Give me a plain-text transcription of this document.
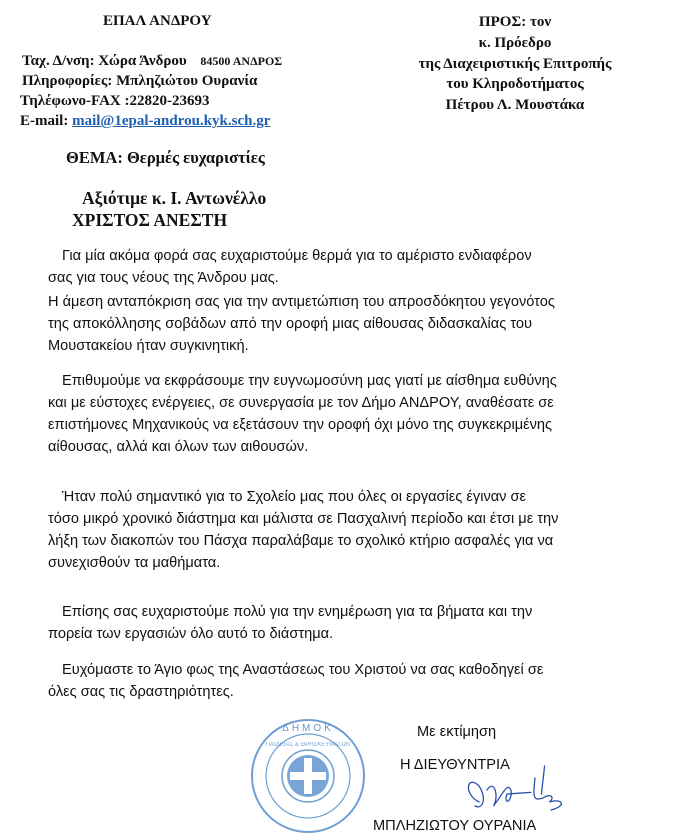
ΕΠΑΛ ΑΝΔΡΟΥ
Ταχ. Δ/νση: Χώρα Άνδρου 84500 ΑΝΔΡΟΣ
Πληροφορίες: Μπληζιώτου Ουρανία
Τηλέφωνο-FAX :22820-23693
E-mail: mail@1epal-androu.kyk.sch.gr
ΠΡΟΣ: τον
κ. Πρόεδρο
της Διαχειριστικής Επιτροπής
του Κληροδοτήματος
Πέτρου Λ. Μουστάκα
ΘΕΜΑ: Θερμές ευχαριστίες
Αξιότιμε κ. Ι. Αντωνέλλο
ΧΡΙΣΤΟΣ ΑΝΕΣΤΗ
Για μία ακόμα φορά σας ευχαριστούμε θερμά για το αμέριστο ενδιαφέρον
σας για τους νέους της Άνδρου μας.
Η άμεση ανταπόκριση σας για την αντιμετώπιση του απροσδόκητου γεγονότος
της αποκόλλησης σοβάδων από την οροφή μιας αίθουσας διδασκαλίας του
Μουστακείου ήταν συγκινητική.
Επιθυμούμε να εκφράσουμε την ευγνωμοσύνη μας γιατί με αίσθημα ευθύνης
και με εύστοχες ενέργειες, σε συνεργασία με τον Δήμο ΑΝΔΡΟΥ, αναθέσατε σε
επιστήμονες Μηχανικούς να εξετάσουν την οροφή όχι μόνο της συγκεκριμένης
αίθουσας, αλλά και όλων των αιθουσών.
Ήταν πολύ σημαντικό για το Σχολείο μας που όλες οι εργασίες έγιναν σε
τόσο μικρό χρονικό διάστημα και μάλιστα σε Πασχαλινή περίοδο και έτσι με την
λήξη των διακοπών του Πάσχα παραλάβαμε το σχολικό κτήριο ασφαλές για να
συνεχισθούν τα μαθήματα.
Επίσης σας ευχαριστούμε πολύ για την ενημέρωση για τα βήματα και την
πορεία των εργασιών όλο αυτό το διάστημα.
Ευχόμαστε το Άγιο φως της Αναστάσεως του Χριστού να σας καθοδηγεί σε
όλες σας τις δραστηριότητες.
ΔΗΜΟΚ
ΠΑΙΔΕΙΑΣ & ΘΡΗΣΚΕΥΜΑΤΩΝ
Με εκτίμηση
Η ΔΙΕΥΘΥΝΤΡΙΑ
ΜΠΛΗΖΙΩΤΟΥ ΟΥΡΑΝΙΑ
